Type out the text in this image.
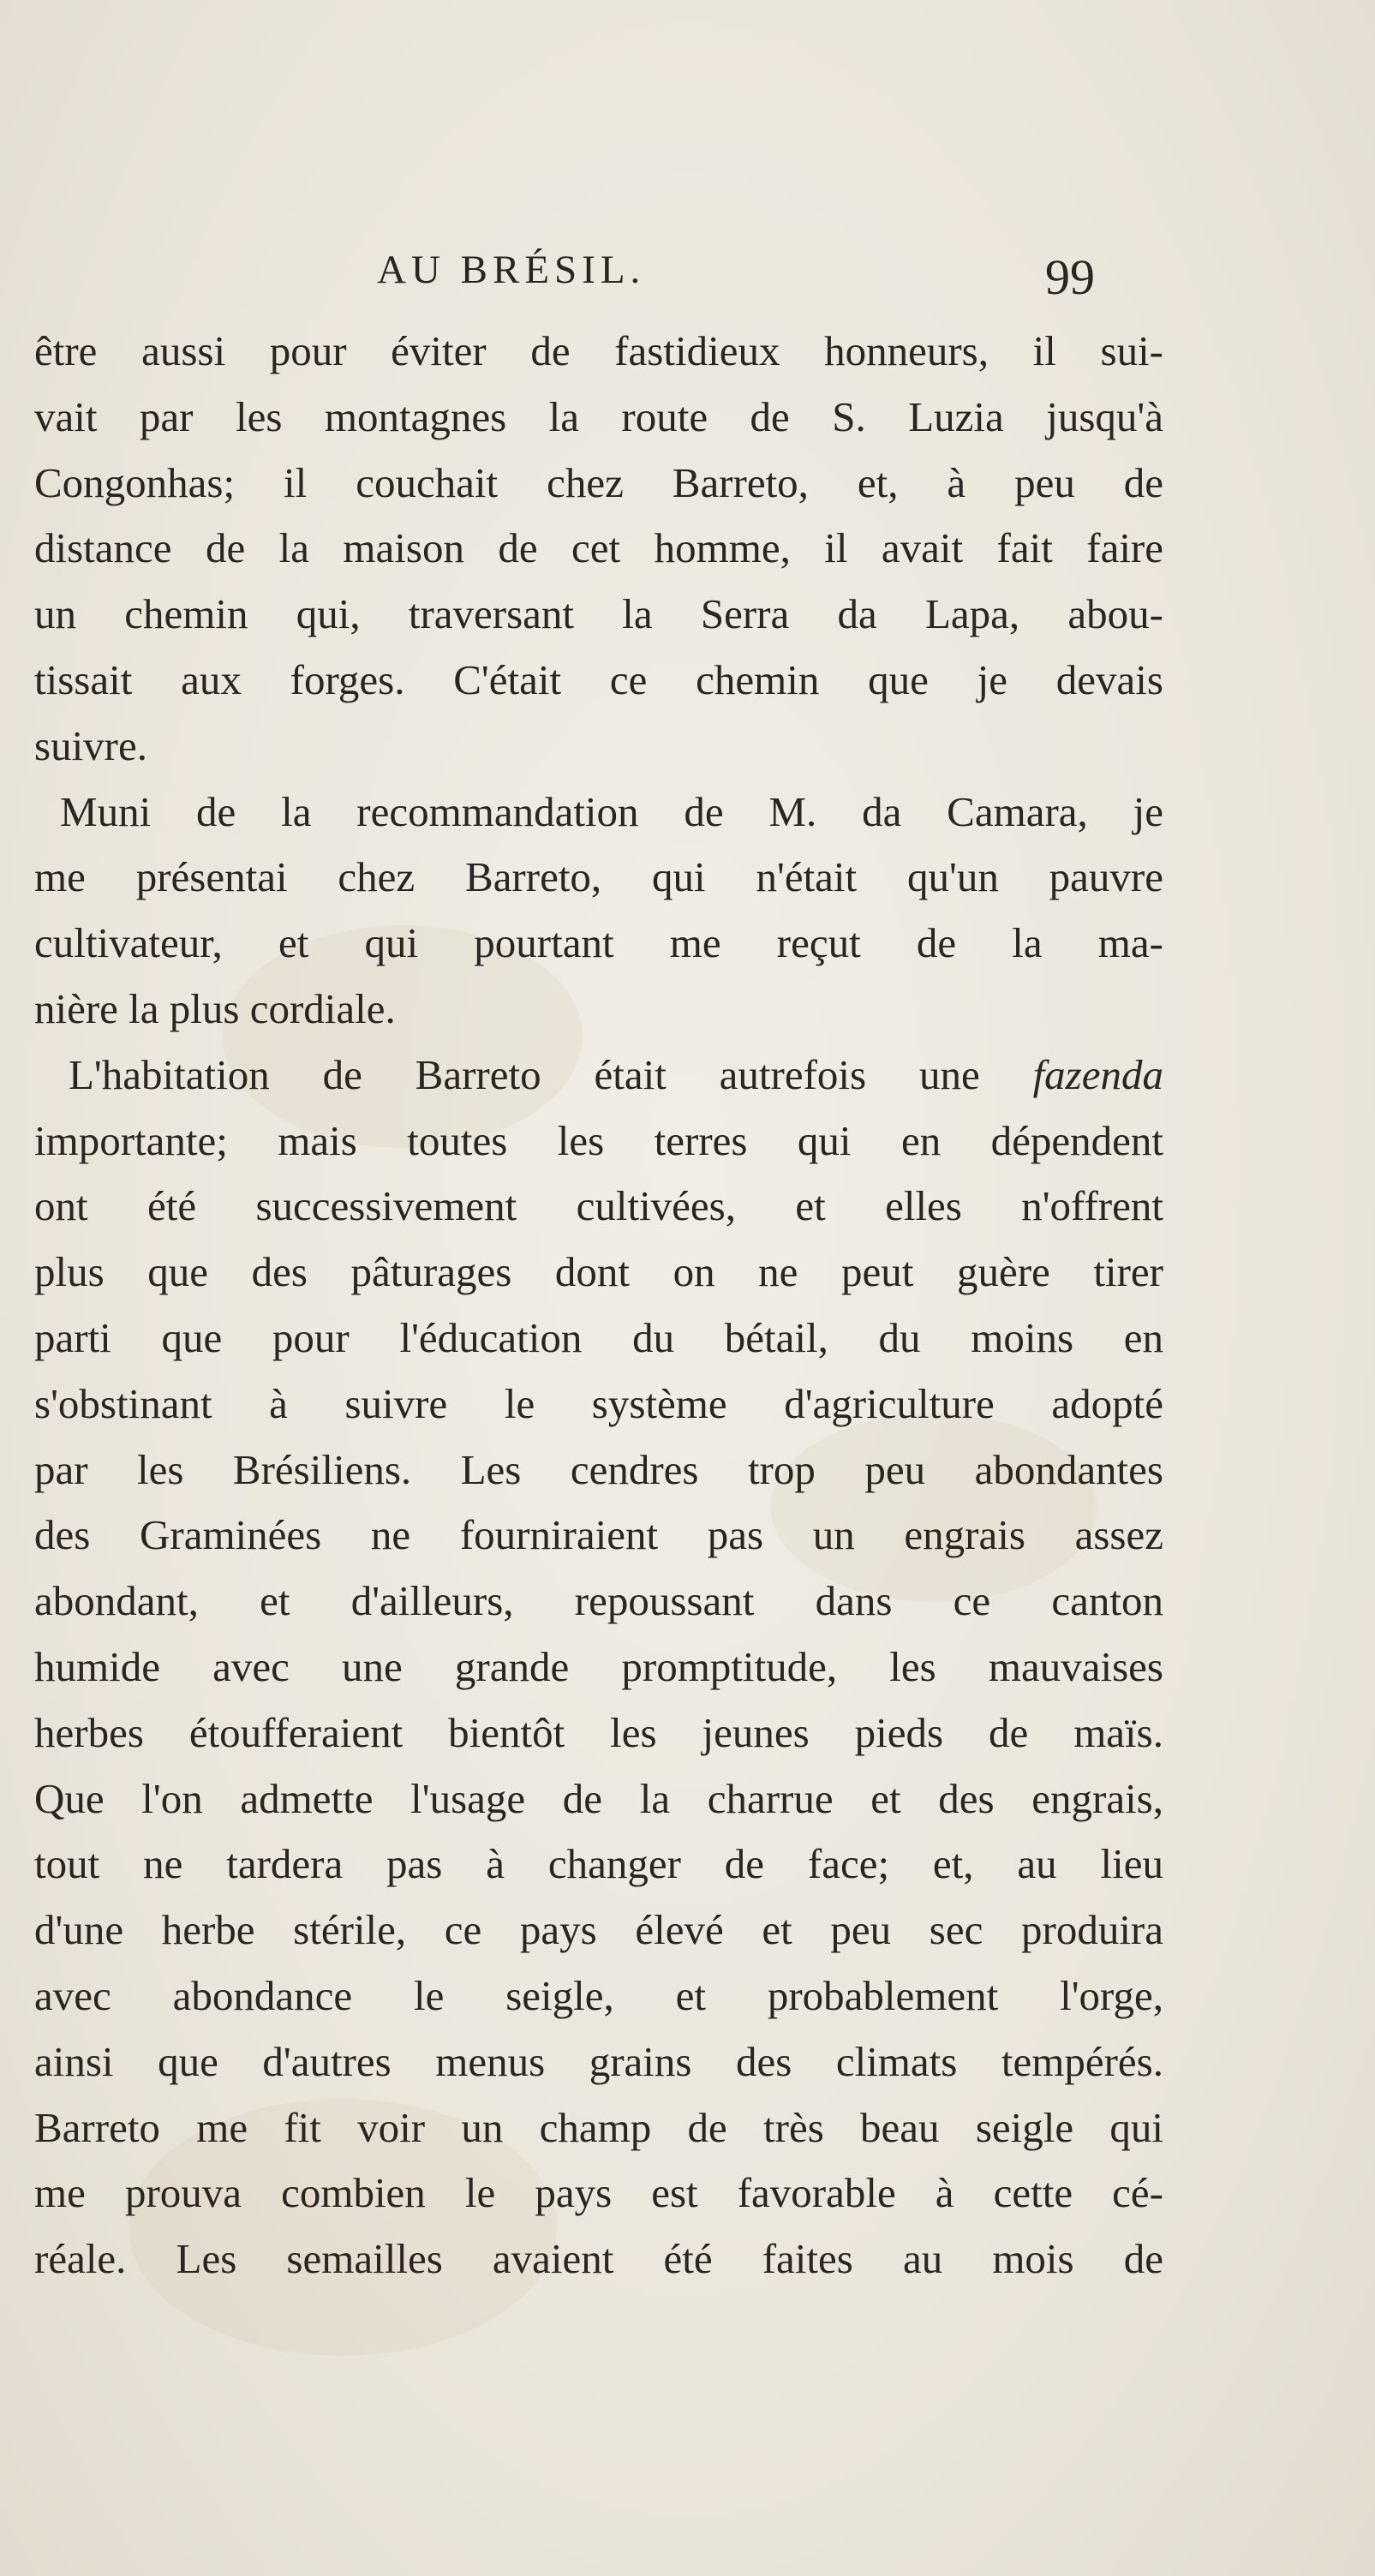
AU BRÉSIL.	99
être aussi pour éviter de fastidieux honneurs, il sui-
vait par les montagnes la route de S. Luzia jusqu'à
Congonhas; il couchait chez Barreto, et, à peu de
distance de la maison de cet homme, il avait fait faire
un chemin qui, traversant la Serra da Lapa, abou-
tissait aux forges. C'était ce chemin que je devais
suivre.
Muni de la recommandation de M. da Camara, je
me présentai chez Barreto, qui n'était qu'un pauvre
cultivateur, et qui pourtant me reçut de la ma-
nière la plus cordiale.
L'habitation de Barreto était autrefois une fazenda
importante; mais toutes les terres qui en dépendent
ont été successivement cultivées, et elles n'offrent
plus que des pâturages dont on ne peut guère tirer
parti que pour l'éducation du bétail, du moins en
s'obstinant à suivre le système d'agriculture adopté
par les Brésiliens. Les cendres trop peu abondantes
des Graminées ne fourniraient pas un engrais assez
abondant, et d'ailleurs, repoussant dans ce canton
humide avec une grande promptitude, les mauvaises
herbes étoufferaient bientôt les jeunes pieds de maïs.
Que l'on admette l'usage de la charrue et des engrais,
tout ne tardera pas à changer de face; et, au lieu
d'une herbe stérile, ce pays élevé et peu sec produira
avec abondance le seigle, et probablement l'orge,
ainsi que d'autres menus grains des climats tempérés.
Barreto me fit voir un champ de très beau seigle qui
me prouva combien le pays est favorable à cette cé-
réale. Les semailles avaient été faites au mois de
